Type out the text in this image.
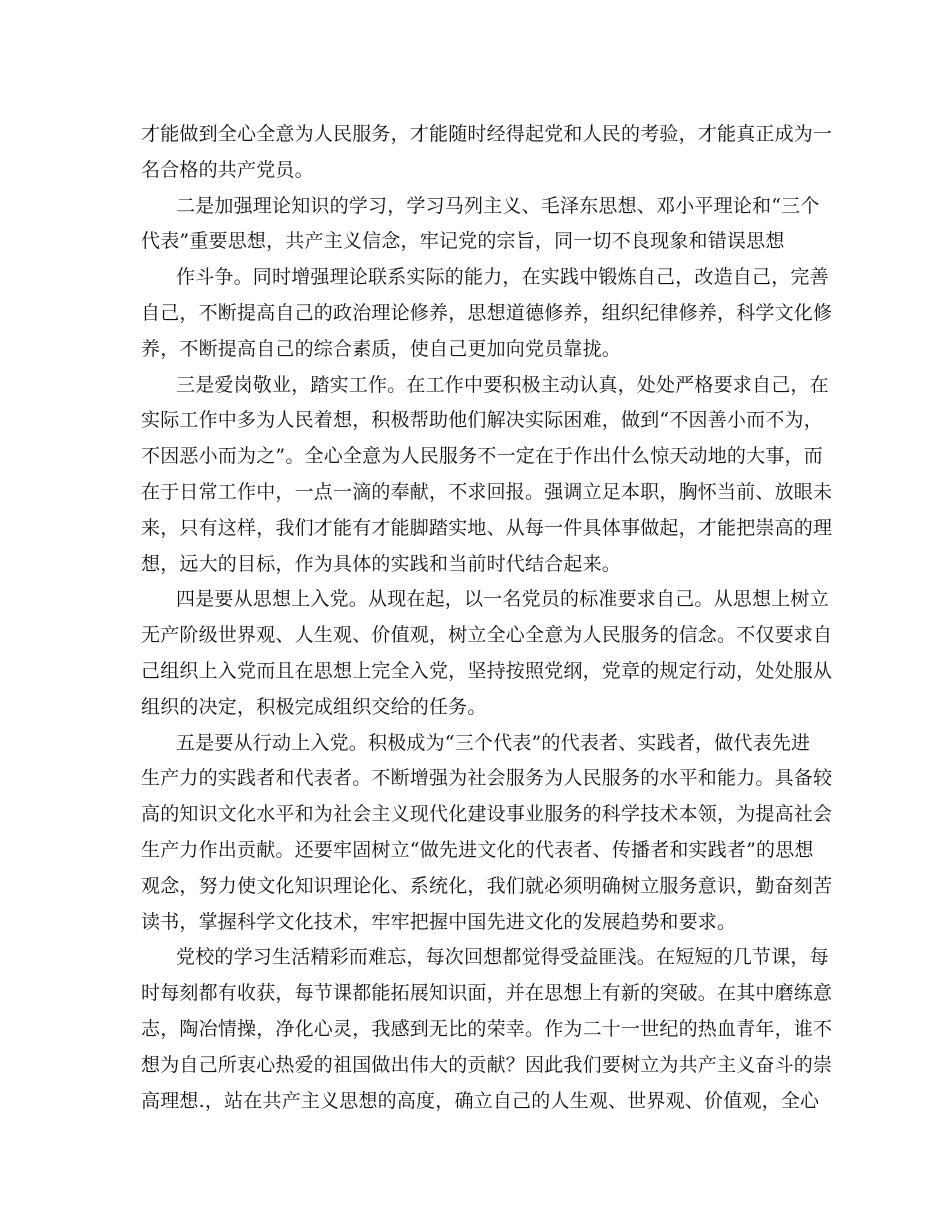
才能做到全心全意为人民服务，才能随时经得起党和人民的考验，才能真正成为一
名合格的共产党员。
二是加强理论知识的学习，学习马列主义、毛泽东思想、邓小平理论和“三个
代表”重要思想，共产主义信念，牢记党的宗旨，同一切不良现象和错误思想
作斗争。同时增强理论联系实际的能力，在实践中锻炼自己，改造自己，完善
自己，不断提高自己的政治理论修养，思想道德修养，组织纪律修养，科学文化修
养，不断提高自己的综合素质，使自己更加向党员靠拢。
三是爱岗敬业，踏实工作。在工作中要积极主动认真，处处严格要求自己，在
实际工作中多为人民着想，积极帮助他们解决实际困难，做到“不因善小而不为，
不因恶小而为之”。全心全意为人民服务不一定在于作出什么惊天动地的大事，而
在于日常工作中，一点一滴的奉献，不求回报。强调立足本职，胸怀当前、放眼未
来，只有这样，我们才能有才能脚踏实地、从每一件具体事做起，才能把崇高的理
想，远大的目标，作为具体的实践和当前时代结合起来。
四是要从思想上入党。从现在起，以一名党员的标准要求自己。从思想上树立
无产阶级世界观、人生观、价值观，树立全心全意为人民服务的信念。不仅要求自
己组织上入党而且在思想上完全入党，坚持按照党纲，党章的规定行动，处处服从
组织的决定，积极完成组织交给的任务。
五是要从行动上入党。积极成为“三个代表”的代表者、实践者，做代表先进
生产力的实践者和代表者。不断增强为社会服务为人民服务的水平和能力。具备较
高的知识文化水平和为社会主义现代化建设事业服务的科学技术本领，为提高社会
生产力作出贡献。还要牢固树立“做先进文化的代表者、传播者和实践者”的思想
观念，努力使文化知识理论化、系统化，我们就必须明确树立服务意识，勤奋刻苦
读书，掌握科学文化技术，牢牢把握中国先进文化的发展趋势和要求。
党校的学习生活精彩而难忘，每次回想都觉得受益匪浅。在短短的几节课，每
时每刻都有收获，每节课都能拓展知识面，并在思想上有新的突破。在其中磨练意
志，陶冶情操，净化心灵，我感到无比的荣幸。作为二十一世纪的热血青年，谁不
想为自己所衷心热爱的祖国做出伟大的贡献？因此我们要树立为共产主义奋斗的崇
高理想.，站在共产主义思想的高度，确立自己的人生观、世界观、价值观，全心
